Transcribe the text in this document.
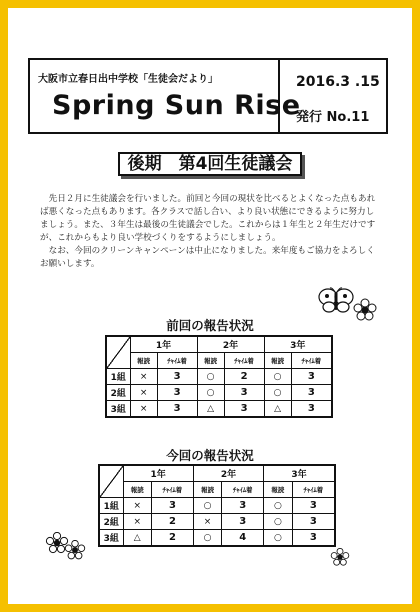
大阪市立春日出中学校「生徒会だより」
Spring Sun Rise
2016.3 .15
発行 No.11
後期　第4回生徒議会

先日２月に生徒議会を行いました。前回と今回の現状を比べるとよくなった点もあれば悪くなった点もあります。各クラスで話し合い、より良い状態にできるように努力しましょう。また、３年生は最後の生徒議会でした。これからは１年生と２年生だけですが、これからもより良い学校づくりをするようにしましょう。

なお、今回のクリーンキャンペーンは中止になりました。来年度もご協力をよろしくお願いします。

前回の報告状況
	1年		2年		3年	
	報読	ﾁｬｲﾑ着	報読	ﾁｬｲﾑ着	報読	ﾁｬｲﾑ着
1組	×	3	○	2	○	3
2組	×	3	○	3	○	3
3組	×	3	△	3	△	3
今回の報告状況
	1年		2年		3年	
	報読	ﾁｬｲﾑ着	報読	ﾁｬｲﾑ着	報読	ﾁｬｲﾑ着
1組	×	3	○	3	○	3
2組	×	2	×	3	○	3
3組	△	2	○	4	○	3
